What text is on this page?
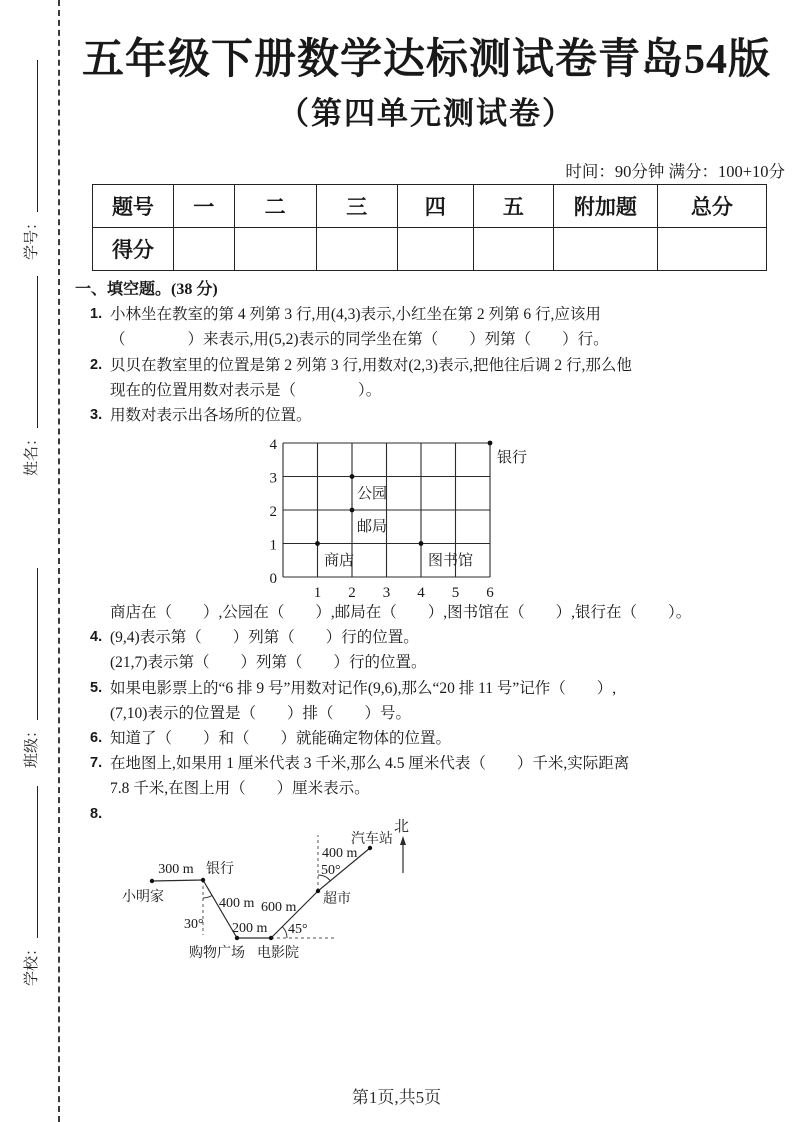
学号：
姓名：
班级：
学校：
五年级下册数学达标测试卷青岛54版
（第四单元测试卷）
时间：90分钟 满分：100+10分
题号	一	二	三	四	五	附加题	总分
得分							
一、填空题。(38 分)
1. 小林坐在教室的第 4 列第 3 行,用(4,3)表示,小红坐在第 2 列第 6 行,应该用
（　　　　）来表示,用(5,2)表示的同学坐在第（　　）列第（　　）行。
2. 贝贝在教室里的位置是第 2 列第 3 行,用数对(2,3)表示,把他往后调 2 行,那么他
现在的位置用数对表示是（　　　　）。
3. 用数对表示出各场所的位置。
4
3
2
1
0
1 2 3 4 5 6
银行
公园
邮局
商店	图书馆
商店在（　　）,公园在（　　）,邮局在（　　）,图书馆在（　　）,银行在（　　）。
4. (9,4)表示第（　　）列第（　　）行的位置。
(21,7)表示第（　　）列第（　　）行的位置。
5. 如果电影票上的“6 排 9 号”用数对记作(9,6),那么“20 排 11 号”记作（　　）,
(7,10)表示的位置是（　　）排（　　）号。
6. 知道了（　　）和（　　）就能确定物体的位置。
7. 在地图上,如果用 1 厘米代表 3 千米,那么 4.5 厘米代表（　　）千米,实际距离
7.8 千米,在图上用（　　）厘米表示。
8.
300 m 银行
小明家	400 m
30° 200 m
购物广场 电影院
45°
600 m
超市
50°
400 m
汽车站
北
第1页,共5页
